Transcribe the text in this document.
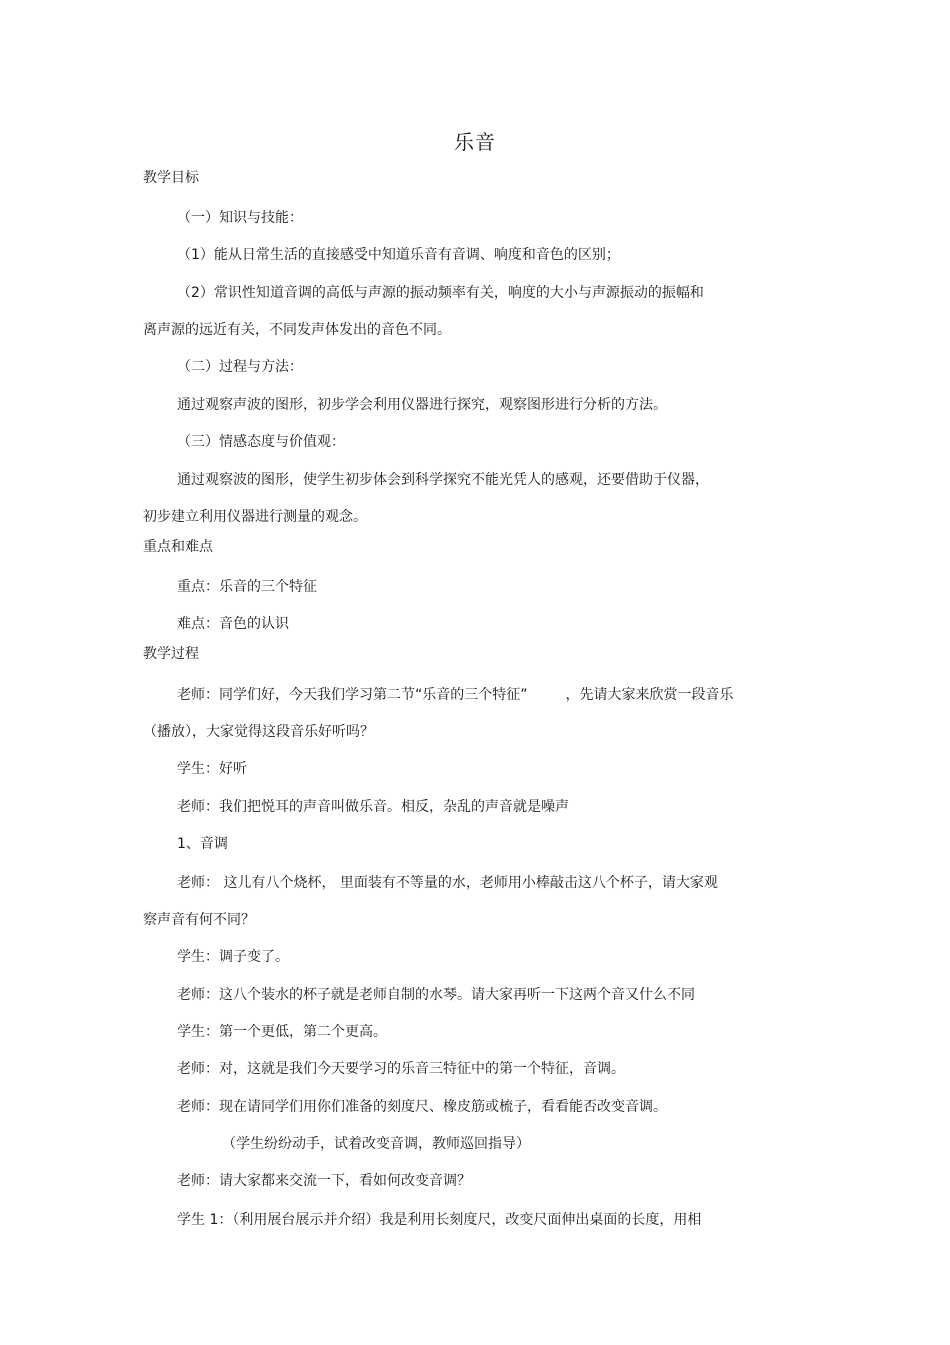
乐音
教学目标
（一）知识与技能：
（1）能从日常生活的直接感受中知道乐音有音调、响度和音色的区别；
（2）常识性知道音调的高低与声源的振动频率有关，响度的大小与声源振动的振幅和
离声源的远近有关，不同发声体发出的音色不同。
（二）过程与方法：
通过观察声波的图形，初步学会利用仪器进行探究，观察图形进行分析的方法。
（三）情感态度与价值观：
通过观察波的图形，使学生初步体会到科学探究不能光凭人的感观，还要借助于仪器，
初步建立利用仪器进行测量的观念。
重点和难点
重点：乐音的三个特征
难点：音色的认识
教学过程
老师：同学们好，今天我们学习第二节“乐音的三个特征”	，先请大家来欣赏一段音乐
（播放），大家觉得这段音乐好听吗？
学生：好听
老师：我们把悦耳的声音叫做乐音。相反，杂乱的声音就是噪声
1、音调
老师： 这儿有八个烧杯， 里面装有不等量的水，老师用小棒敲击这八个杯子，请大家观
察声音有何不同？
学生：调子变了。
老师：这八个装水的杯子就是老师自制的水琴。请大家再听一下这两个音又什么不同
学生：第一个更低，第二个更高。
老师：对，这就是我们今天要学习的乐音三特征中的第一个特征，音调。
老师：现在请同学们用你们准备的刻度尺、橡皮筋或梳子，看看能否改变音调。
（学生纷纷动手，试着改变音调，教师巡回指导）
老师：请大家都来交流一下，看如何改变音调？
学生 1：（利用展台展示并介绍）我是利用长刻度尺，改变尺面伸出桌面的长度，用相
